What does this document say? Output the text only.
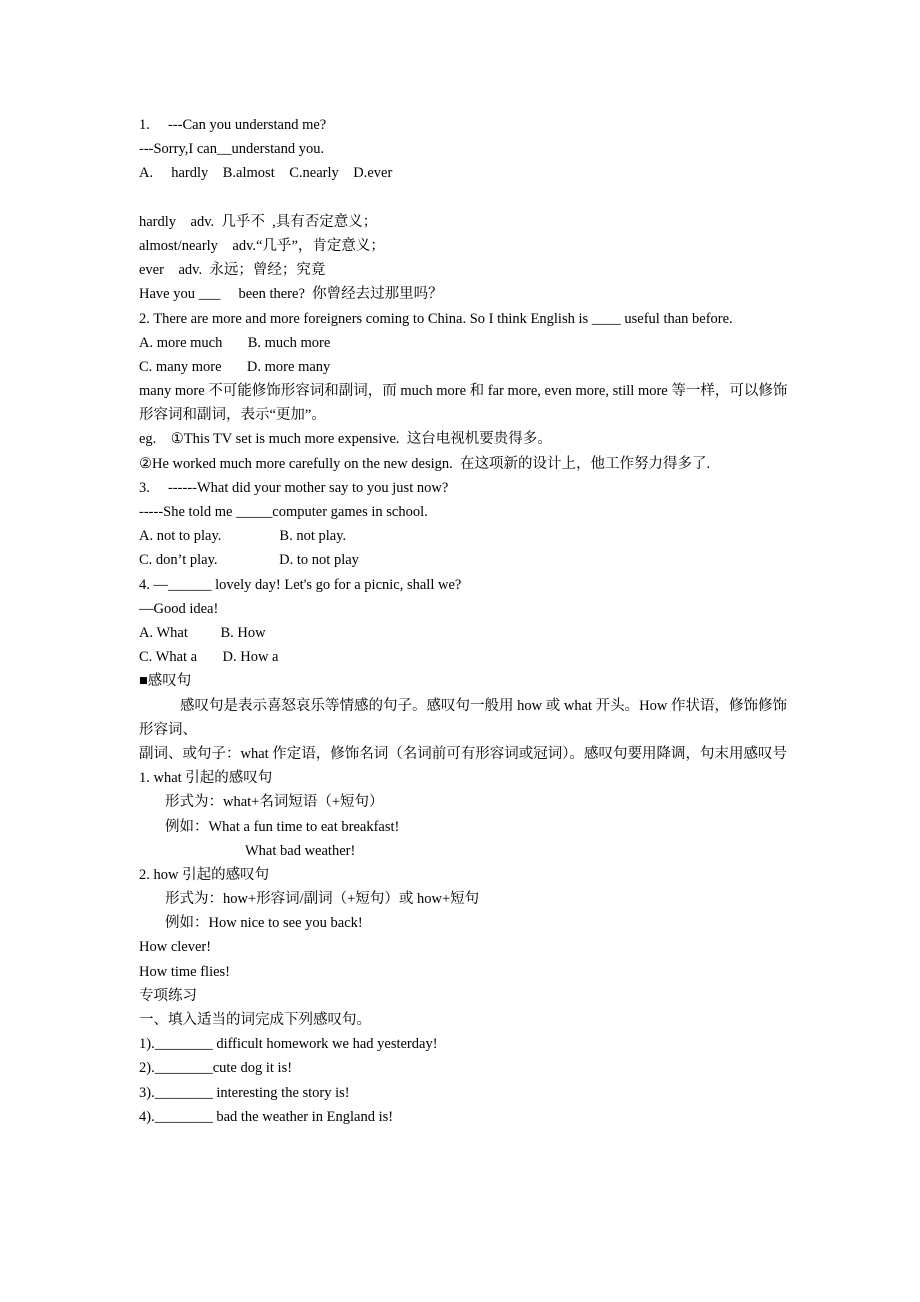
1.     ---Can you understand me?
---Sorry,I can__understand you.
A.     hardly    B.almost    C.nearly    D.ever
hardly    adv.  几乎不  ,具有否定意义；
almost/nearly    adv.“几乎”，肯定意义；
ever    adv.  永远；曾经；究竟
Have you ___     been there?  你曾经去过那里吗？
2. There are more and more foreigners coming to China. So I think English is ____ useful than before.
A. more much       B. much more
C. many more       D. more many
many more 不可能修饰形容词和副词，而 much more 和 far more, even more, still more 等一样，可以修饰形容词和副词，表示“更加”。
eg.    ①This TV set is much more expensive.  这台电视机要贵得多。
②He worked much more carefully on the new design.  在这项新的设计上，他工作努力得多了.
3.     ------What did your mother say to you just now?
-----She told me _____computer games in school.
A. not to play.                B. not play.
C. don’t play.                 D. to not play
4. —______ lovely day! Let's go for a picnic, shall we?
—Good idea!
A. What         B. How
C. What a       D. How a
■感叹句
感叹句是表示喜怒哀乐等情感的句子。感叹句一般用 how 或 what 开头。How 作状语，修饰修饰形容词、
副词、或句子：what 作定语，修饰名词（名词前可有形容词或冠词）。感叹句要用降调，句末用感叹号
1. what 引起的感叹句
形式为：what+名词短语（+短句）
例如：What a fun time to eat breakfast!
What bad weather!
2. how 引起的感叹句
形式为：how+形容词/副词（+短句）或 how+短句
例如：How nice to see you back!
How clever!
How time flies!
专项练习
一、填入适当的词完成下列感叹句。
1).________ difficult homework we had yesterday!
2).________cute dog it is!
3).________ interesting the story is!
4).________ bad the weather in England is!
